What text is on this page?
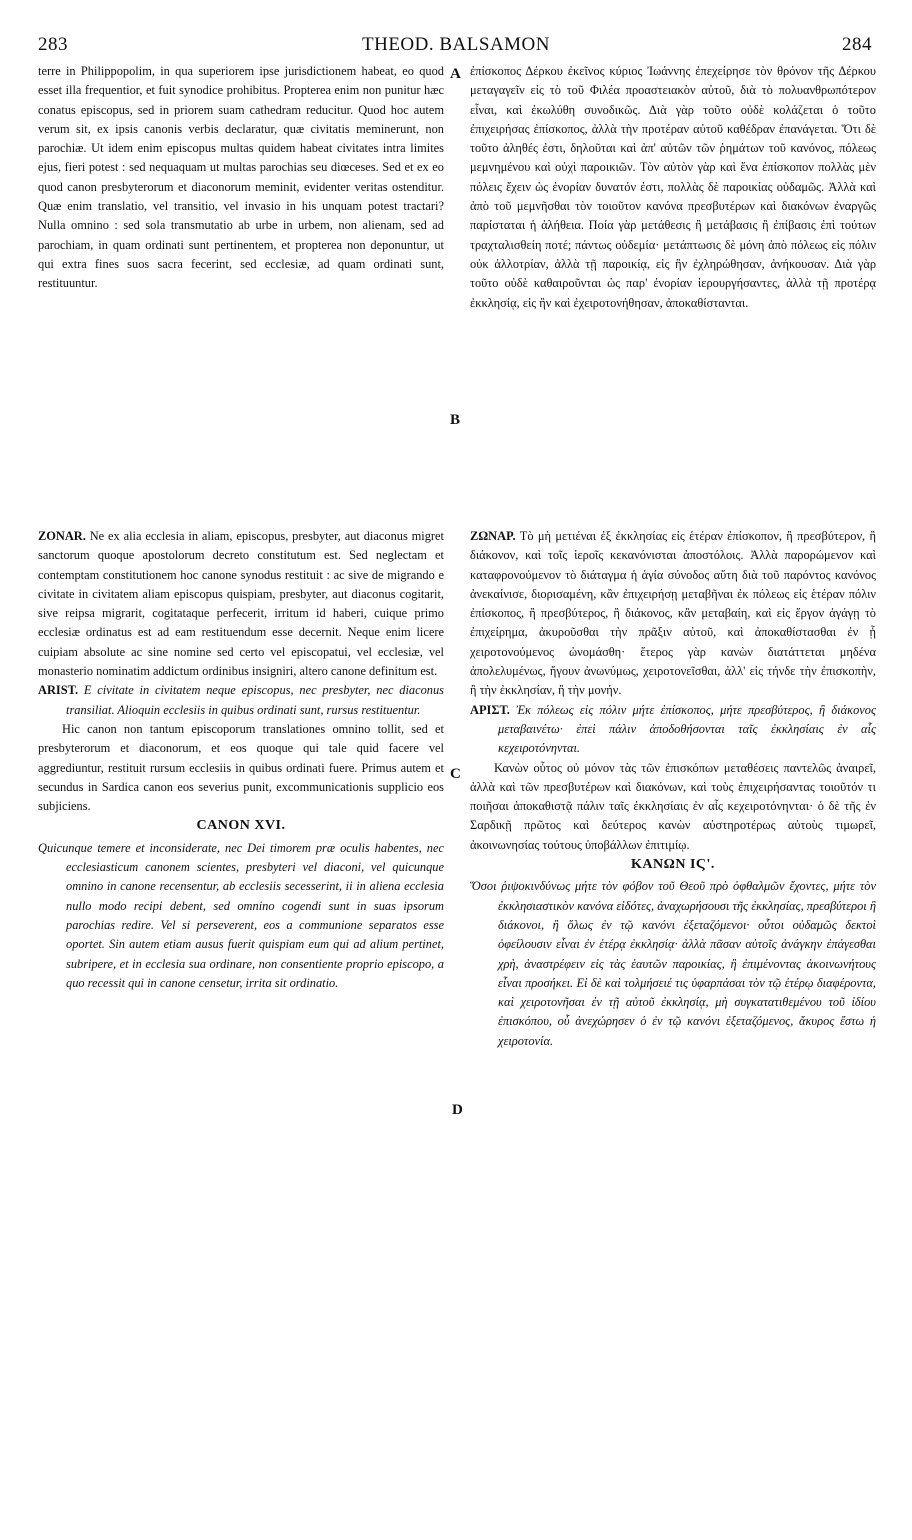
283	THEOD. BALSAMON	284
A
B
C
D

terre in Philippopolim, in qua superiorem ipse jurisdictionem habeat, eo quod esset illa frequentior, et fuit synodice prohibitus. Propterea enim non punitur hæc conatus episcopus, sed in priorem suam cathedram reducitur. Quod hoc autem verum sit, ex ipsis canonis verbis declaratur, quæ civitatis meminerunt, non parochiæ. Ut idem enim episcopus multas quidem habeat civitates intra limites ejus, fieri potest : sed nequaquam ut multas parochias seu diœceses. Sed et ex eo quod canon presbyterorum et diaconorum meminit, evidenter veritas ostenditur. Quæ enim translatio, vel transitio, vel invasio in his unquam potest tractari? Nulla omnino : sed sola transmutatio ab urbe in urbem, non alienam, sed ad parochiam, in quam ordinati sunt pertinentem, et propterea non deponuntur, ut qui extra fines suos sacra fecerint, sed ecclesiæ, ad quam ordinati sunt, restituuntur.

ZONAR. Ne ex alia ecclesia in aliam, episcopus, presbyter, aut diaconus migret sanctorum quoque apostolorum decreto constitutum est. Sed neglectam et contemptam constitutionem hoc canone synodus restituit : ac sive de migrando e civitate in civitatem aliam episcopus quispiam, presbyter, aut diaconus cogitarit, sive reipsa migrarit, cogitataque perfecerit, irritum id haberi, cuique primo ecclesiæ ordinatus est ad eam restituendum esse decernit. Neque enim licere cuipiam absolute ac sine nomine sed certo vel episcopatui, vel ecclesiæ, vel monasterio nominatim addictum ordinibus insigniri, altero canone definitum est.

ARIST. E civitate in civitatem neque episcopus, nec presbyter, nec diaconus transiliat. Alioquin ecclesiis in quibus ordinati sunt, rursus restituentur.

Hic canon non tantum episcoporum translationes omnino tollit, sed et presbyterorum et diaconorum, et eos quoque qui tale quid facere vel aggrediuntur, restituit rursum ecclesiis in quibus ordinati fuere. Primus autem et secundus in Sardica canon eos severius punit, excommunicationis supplicio eos subjiciens.

CANON XVI.

Quicunque temere et inconsiderate, nec Dei timorem præ oculis habentes, nec ecclesiasticum canonem scientes, presbyteri vel diaconi, vel quicunque omnino in canone recensentur, ab ecclesiis secesserint, ii in aliena ecclesia nullo modo recipi debent, sed omnino cogendi sunt in suas ipsorum parochias redire. Vel si perseverent, eos a communione separatos esse oportet. Sin autem etiam ausus fuerit quispiam eum qui ad alium pertinet, subripere, et in ecclesia sua ordinare, non consentiente proprio episcopo, a quo recessit qui in canone censetur, irrita sit ordinatio.

ἐπίσκοπος Δέρκου ἐκεῖνος κύριος Ἰωάννης ἐπεχείρησε τὸν θρόνον τῆς Δέρκου μεταγαγεῖν εἰς τὸ τοῦ Φιλέα προαστειακὸν αὐτοῦ, διὰ τὸ πολυανθρωπότερον εἶναι, καὶ ἐκωλύθη συνοδικῶς. Διὰ γὰρ τοῦτο οὐδὲ κολάζεται ὁ τοῦτο ἐπιχειρήσας ἐπίσκοπος, ἀλλὰ τὴν προτέραν αὐτοῦ καθέδραν ἐπανάγεται. Ὅτι δὲ τοῦτο ἀληθές ἐστι, δηλοῦται καὶ ἀπ' αὐτῶν τῶν ῥημάτων τοῦ κανόνος, πόλεως μεμνημένου καὶ οὐχὶ παροικιῶν. Τὸν αὐτὸν γὰρ καὶ ἕνα ἐπίσκοπον πολλὰς μὲν πόλεις ἔχειν ὡς ἐνορίαν δυνατόν ἐστι, πολλὰς δὲ παροικίας οὐδαμῶς. Ἀλλὰ καὶ ἀπὸ τοῦ μεμνῆσθαι τὸν τοιοῦτον κανόνα πρεσβυτέρων καὶ διακόνων ἐναργῶς παρίσταται ἡ ἀλήθεια. Ποία γὰρ μετάθεσις ἢ μετάβασις ἢ ἐπίβασις ἐπὶ τούτων τραχταλισθείη ποτέ; πάντως οὐδεμία· μετάπτωσις δὲ μόνη ἀπὸ πόλεως εἰς πόλιν οὐκ ἀλλοτρίαν, ἀλλὰ τῇ παροικίᾳ, εἰς ἣν ἐχληρώθησαν, ἀνήκουσαν. Διὰ γὰρ τοῦτο οὐδὲ καθαιροῦνται ὡς παρ' ἐνορίαν ἱερουργήσαντες, ἀλλὰ τῇ προτέρᾳ ἐκκλησίᾳ, εἰς ἣν καὶ ἐχειροτονήθησαν, ἀποκαθίστανται.

ΖΩΝΑΡ. Τὸ μὴ μετιέναι ἐξ ἐκκλησίας εἰς ἑτέραν ἐπίσκοπον, ἢ πρεσβύτερον, ἢ διάκονον, καὶ τοῖς ἱεροῖς κεκανόνισται ἀποστόλοις. Ἀλλὰ παρορώμενον καὶ καταφρονούμενον τὸ διάταγμα ἡ ἁγία σύνοδος αὕτη διὰ τοῦ παρόντος κανόνος ἀνεκαίνισε, διορισαμένη, κἂν ἐπιχειρήσῃ μεταβῆναι ἐκ πόλεως εἰς ἑτέραν πόλιν ἐπίσκοπος, ἢ πρεσβύτερος, ἢ διάκονος, κἂν μεταβαίη, καὶ εἰς ἔργον ἀγάγῃ τὸ ἐπιχείρημα, ἀκυροῦσθαι τὴν πρᾶξιν αὐτοῦ, καὶ ἀποκαθίστασθαι ἐν ᾗ χειροτονούμενος ὠνομάσθη· ἕτερος γὰρ κανὼν διατάττεται μηδένα ἀπολελυμένως, ἤγουν ἀνωνύμως, χειροτονεῖσθαι, ἀλλ' εἰς τήνδε τὴν ἐπισκοπὴν, ἢ τὴν ἐκκλησίαν, ἢ τὴν μονήν.

ΑΡΙΣΤ. Ἐκ πόλεως εἰς πόλιν μήτε ἐπίσκοπος, μήτε πρεσβύτερος, ἢ διάκονος μεταβαινέτω· ἐπεὶ πάλιν ἀποδοθήσονται ταῖς ἐκκλησίαις ἐν αἷς κεχειροτόνηνται.

Κανὼν οὗτος οὐ μόνον τὰς τῶν ἐπισκόπων μεταθέσεις παντελῶς ἀναιρεῖ, ἀλλὰ καὶ τῶν πρεσβυτέρων καὶ διακόνων, καὶ τοὺς ἐπιχειρήσαντας τοιοῦτόν τι ποιῆσαι ἀποκαθιστᾷ πάλιν ταῖς ἐκκλησίαις ἐν αἷς κεχειροτόνηνται· ὁ δὲ τῆς ἐν Σαρδικῇ πρῶτος καὶ δεύτερος κανὼν αὐστηροτέρως αὐτοὺς τιμωρεῖ, ἀκοινωνησίας τούτους ὑποβάλλων ἐπιτιμίῳ.

ΚΑΝΩΝ ΙϚ'.

Ὅσοι ῥιψοκινδύνως μήτε τὸν φόβον τοῦ Θεοῦ πρὸ ὀφθαλμῶν ἔχοντες, μήτε τὸν ἐκκλησιαστικὸν κανόνα εἰδότες, ἀναχωρήσουσι τῆς ἐκκλησίας, πρεσβύτεροι ἢ διάκονοι, ἢ ὅλως ἐν τῷ κανόνι ἐξεταζόμενοι· οὗτοι οὐδαμῶς δεκτοὶ ὀφείλουσιν εἶναι ἐν ἑτέρᾳ ἐκκλησίᾳ· ἀλλὰ πᾶσαν αὐτοῖς ἀνάγκην ἐπάγεσθαι χρὴ, ἀναστρέφειν εἰς τὰς ἑαυτῶν παροικίας, ἢ ἐπιμένοντας ἀκοινωνήτους εἶναι προσήκει. Εἰ δὲ καὶ τολμήσειέ τις ὑφαρπάσαι τὸν τῷ ἑτέρῳ διαφέροντα, καὶ χειροτονῆσαι ἐν τῇ αὐτοῦ ἐκκλησίᾳ, μὴ συγκατατιθεμένου τοῦ ἰδίου ἐπισκόπου, οὗ ἀνεχώρησεν ὁ ἐν τῷ κανόνι ἐξεταζόμενος, ἄκυρος ἔστω ἡ χειροτονία.
